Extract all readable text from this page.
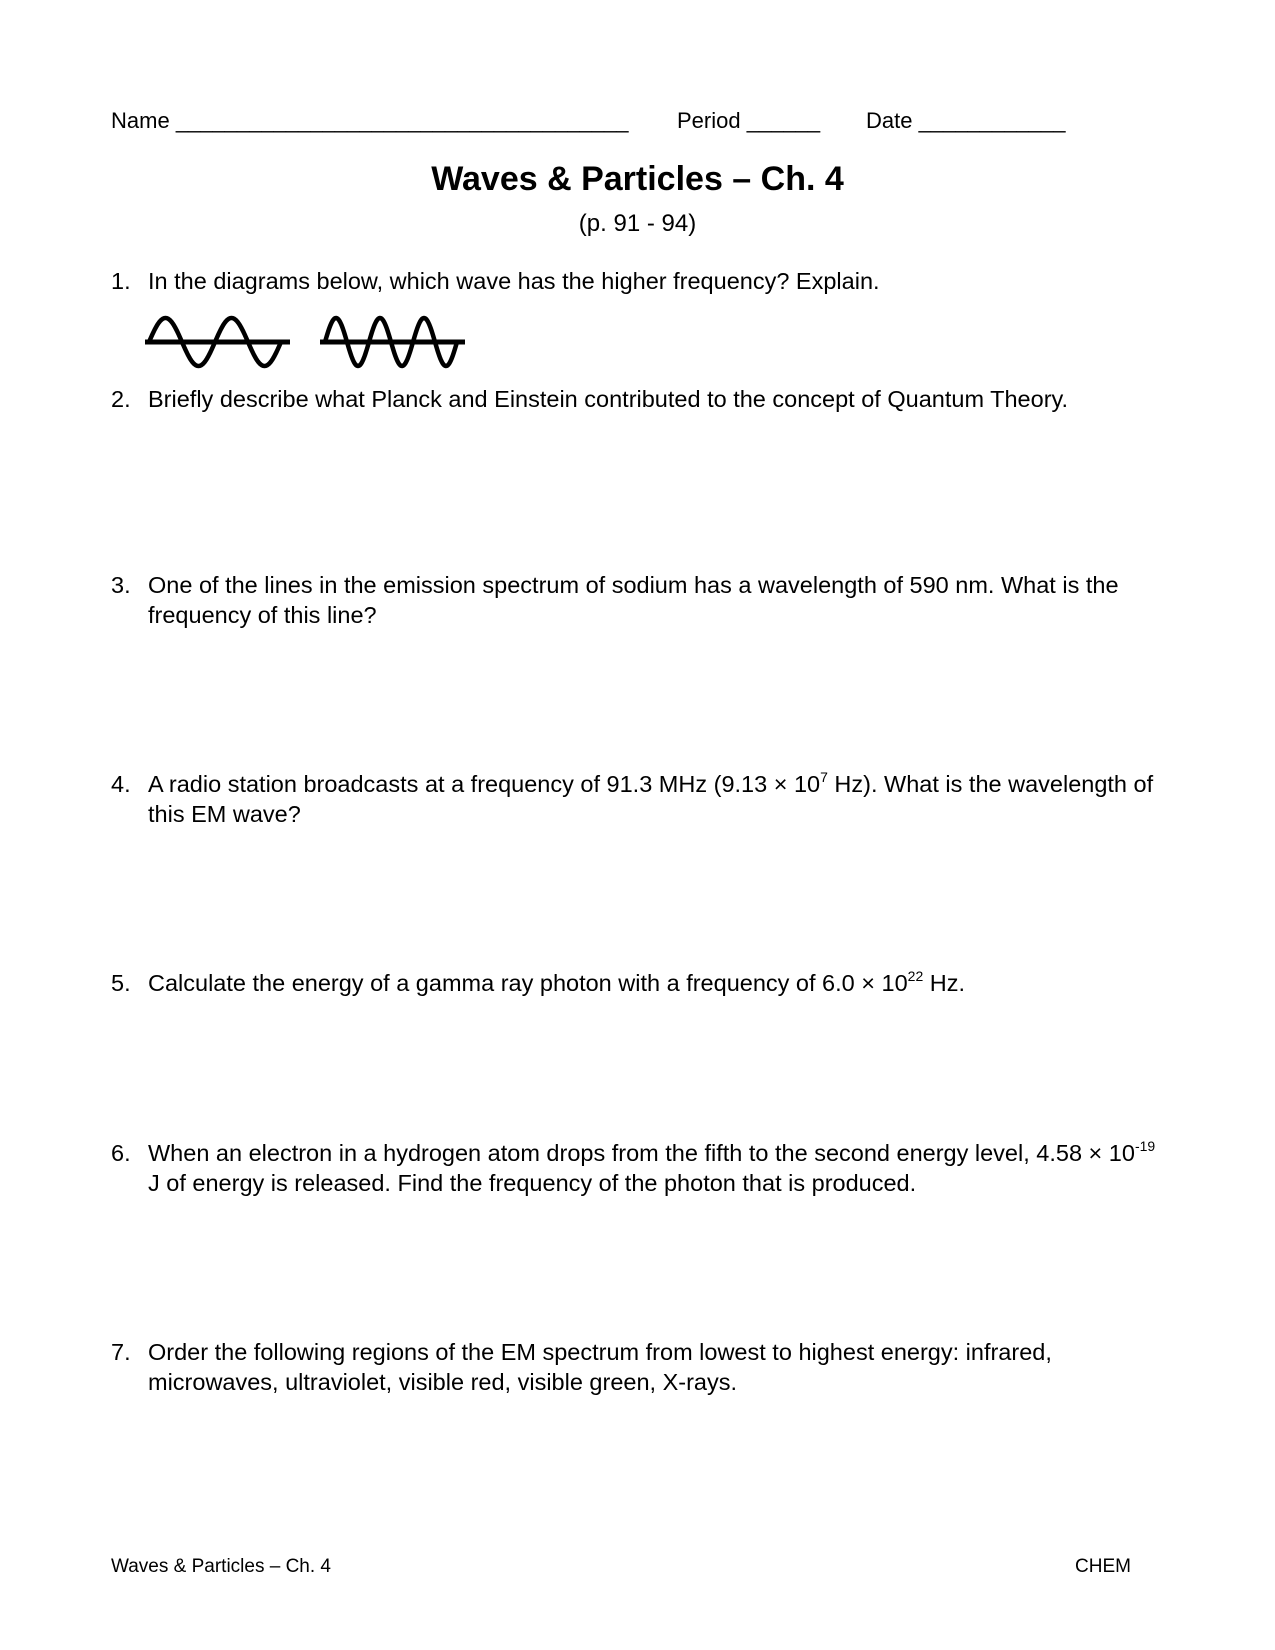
Name _____________________________________ Period ______ Date ____________
Waves & Particles – Ch. 4
(p. 91 - 94)
1. In the diagrams below, which wave has the higher frequency? Explain.
2. Briefly describe what Planck and Einstein contributed to the concept of Quantum Theory.
3. One of the lines in the emission spectrum of sodium has a wavelength of 590 nm. What is the frequency of this line?
4. A radio station broadcasts at a frequency of 91.3 MHz ($9.13 \times 10^7$ Hz). What is the wavelength of this EM wave?
5. Calculate the energy of a gamma ray photon with a frequency of $6.0 \times 10^{22}$ Hz.
6. When an electron in a hydrogen atom drops from the fifth to the second energy level, $4.58 \times 10^{-19}$ J of energy is released. Find the frequency of the photon that is produced.
7. Order the following regions of the EM spectrum from lowest to highest energy: infrared, microwaves, ultraviolet, visible red, visible green, X-rays.
Waves & Particles – Ch. 4	CHEM
